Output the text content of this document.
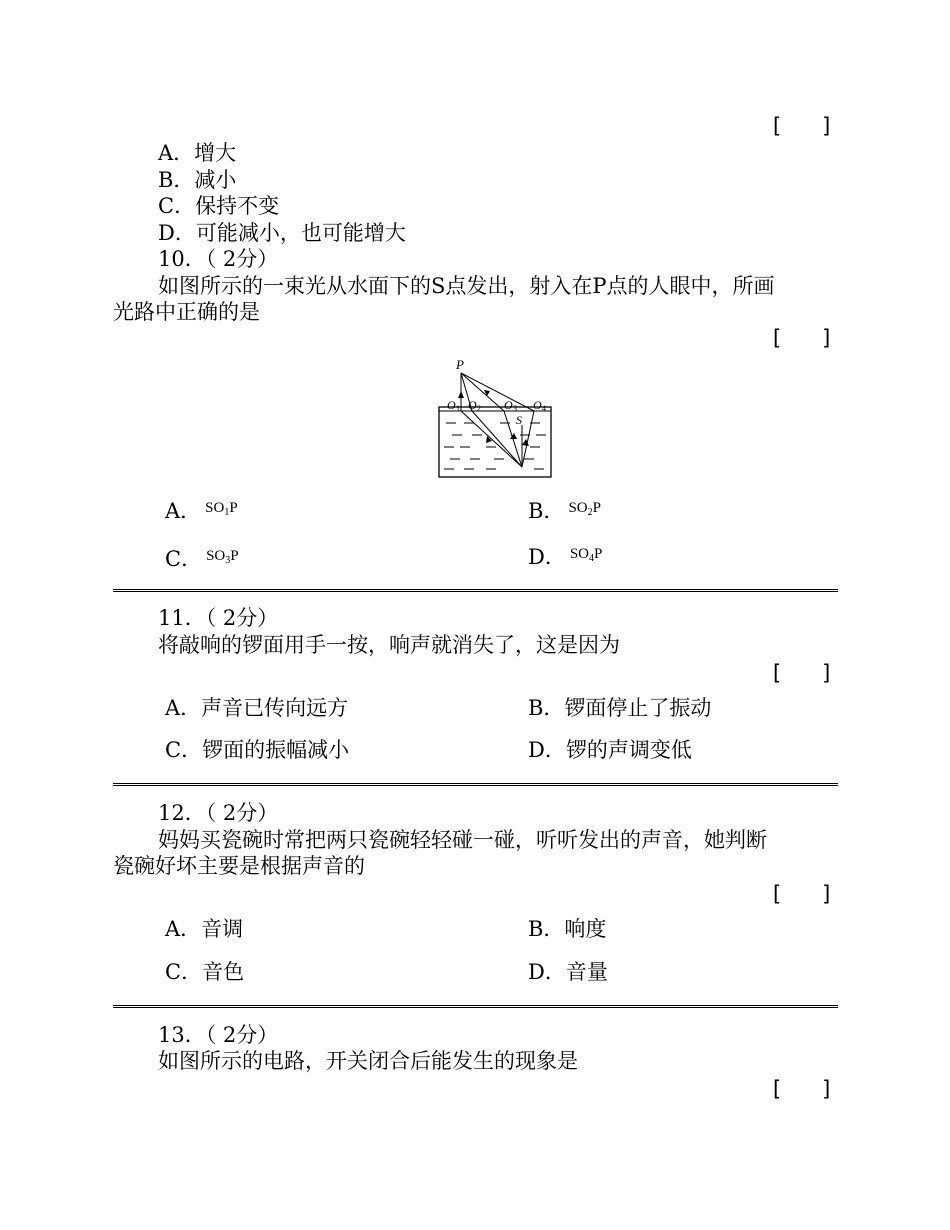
[   ]
A．增大
B．减小
C．保持不变
D．可能减小，也可能增大
10．（ 2分）
如图所示的一束光从水面下的S点发出，射入在P点的人眼中，所画
光路中正确的是
[   ]
P
O 1 O 2 O 3 O 4
S
A． $^{SO_1P}$	B． $^{SO_2P}$
C． $^{SO_3P}$	D． $^{SO_4P}$
11．（ 2分）
将敲响的锣面用手一按，响声就消失了，这是因为
[   ]
A．声音已传向远方	B．锣面停止了振动
C．锣面的振幅减小	D．锣的声调变低
12．（ 2分）
妈妈买瓷碗时常把两只瓷碗轻轻碰一碰，听听发出的声音，她判断
瓷碗好坏主要是根据声音的
[   ]
A．音调	B．响度
C．音色	D．音量
13．（ 2分）
如图所示的电路，开关闭合后能发生的现象是
[   ]
